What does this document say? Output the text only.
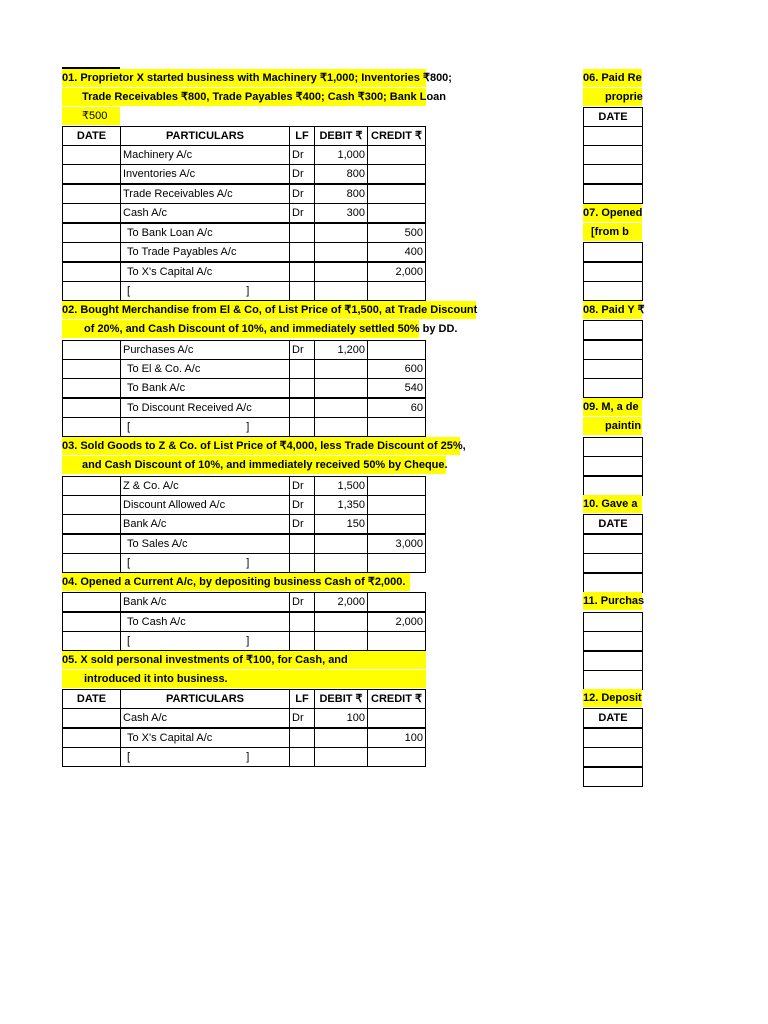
01. Proprietor X started business with Machinery ₹1,000; Inventories ₹800;
Trade Receivables ₹800, Trade Payables ₹400; Cash ₹300; Bank Loan
₹500
DATE	PARTICULARS	LF DEBIT ₹ CREDIT ₹
Machinery A/c	Dr	1,000
Inventories A/c	Dr	800
Trade Receivables A/c	Dr	800
Cash A/c	Dr	300
To Bank Loan A/c	500
To Trade Payables A/c	400
To X's Capital A/c	2,000
[                                      ]
02. Bought Merchandise from El & Co, of List Price of ₹1,500, at Trade Discount
of 20%, and Cash Discount of 10%, and immediately settled 50% by DD.
Purchases A/c	Dr	1,200
To El & Co. A/c	600
To Bank A/c	540
To Discount Received A/c	60
[                                      ]
03. Sold Goods to Z & Co. of List Price of ₹4,000, less Trade Discount of 25%,
and Cash Discount of 10%, and immediately received 50% by Cheque.
Z & Co. A/c	Dr	1,500
Discount Allowed A/c	Dr	1,350
Bank A/c	Dr	150
To Sales A/c	3,000
[                                      ]
04. Opened a Current A/c, by depositing business Cash of ₹2,000.
Bank A/c	Dr	2,000
To Cash A/c	2,000
[                                      ]
05. X sold personal investments of ₹100, for Cash, and
introduced it into business.
DATE	PARTICULARS	LF DEBIT ₹ CREDIT ₹
Cash A/c	Dr	100
To X's Capital A/c	100
[                                      ]
06. Paid Re
proprie
DATE
07. Opened
[from b
08. Paid Y ₹
09. M, a de
paintin
10. Gave a
DATE
11. Purchas
12. Deposit
DATE
